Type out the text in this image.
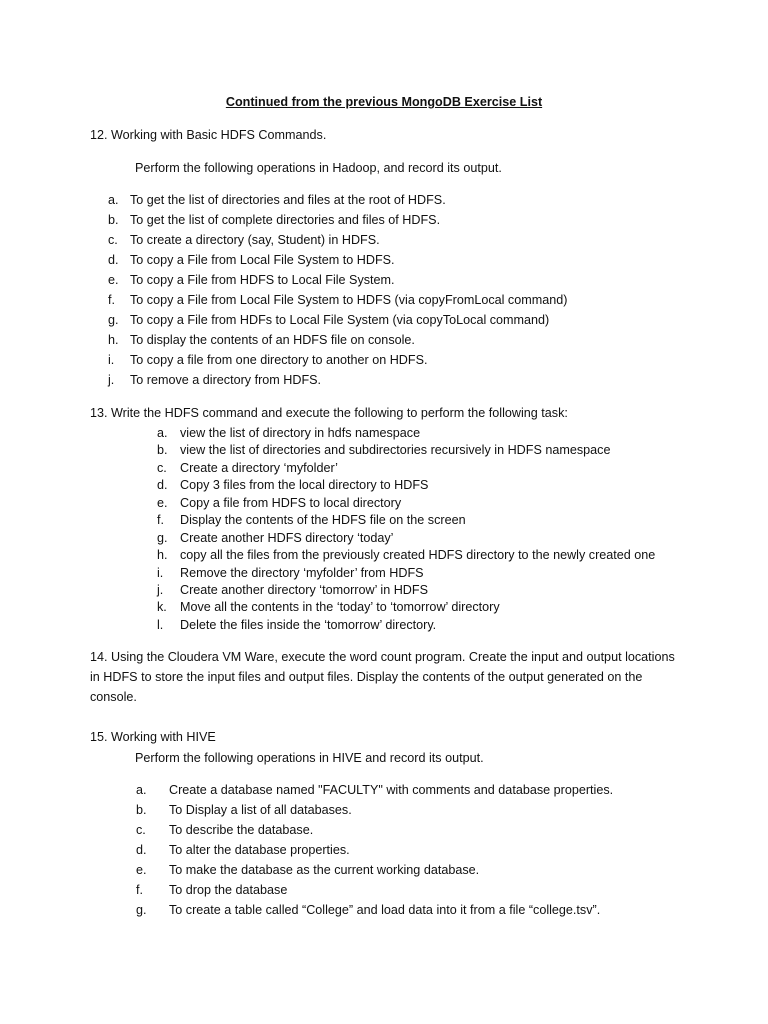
Continued from the previous MongoDB Exercise List
12. Working with Basic HDFS Commands.
Perform the following operations in Hadoop, and record its output.
a. To get the list of directories and files at the root of HDFS.
b. To get the list of complete directories and files of HDFS.
c. To create a directory (say, Student) in HDFS.
d. To copy a File from Local File System to HDFS.
e. To copy a File from HDFS to Local File System.
f. To copy a File from Local File System to HDFS (via copyFromLocal command)
g. To copy a File from HDFs to Local File System (via copyToLocal command)
h. To display the contents of an HDFS file on console.
i. To copy a file from one directory to another on HDFS.
j. To remove a directory from HDFS.
13. Write the HDFS command and execute the following to perform the following task:
a. view the list of directory in hdfs namespace
b. view the list of directories and subdirectories recursively in HDFS namespace
c. Create a directory ‘myfolder’
d. Copy 3 files from the local directory to HDFS
e. Copy a file from HDFS to local directory
f. Display the contents of the HDFS file on the screen
g. Create another HDFS directory ‘today’
h. copy all the files from the previously created HDFS directory to the newly created one
i. Remove the directory ‘myfolder’ from HDFS
j. Create another directory ‘tomorrow’ in HDFS
k. Move all the contents in the ‘today’ to ‘tomorrow’ directory
l. Delete the files inside the ‘tomorrow’ directory.
14. Using the Cloudera VM Ware, execute the word count program. Create the input and output locations in HDFS to store the input files and output files. Display the contents of the output generated on the console.
15. Working with HIVE
Perform the following operations in HIVE and record its output.
a. Create a database named "FACULTY" with comments and database properties.
b. To Display a list of all databases.
c. To describe the database.
d. To alter the database properties.
e. To make the database as the current working database.
f. To drop the database
g. To create a table called “College” and load data into it from a file “college.tsv”.
